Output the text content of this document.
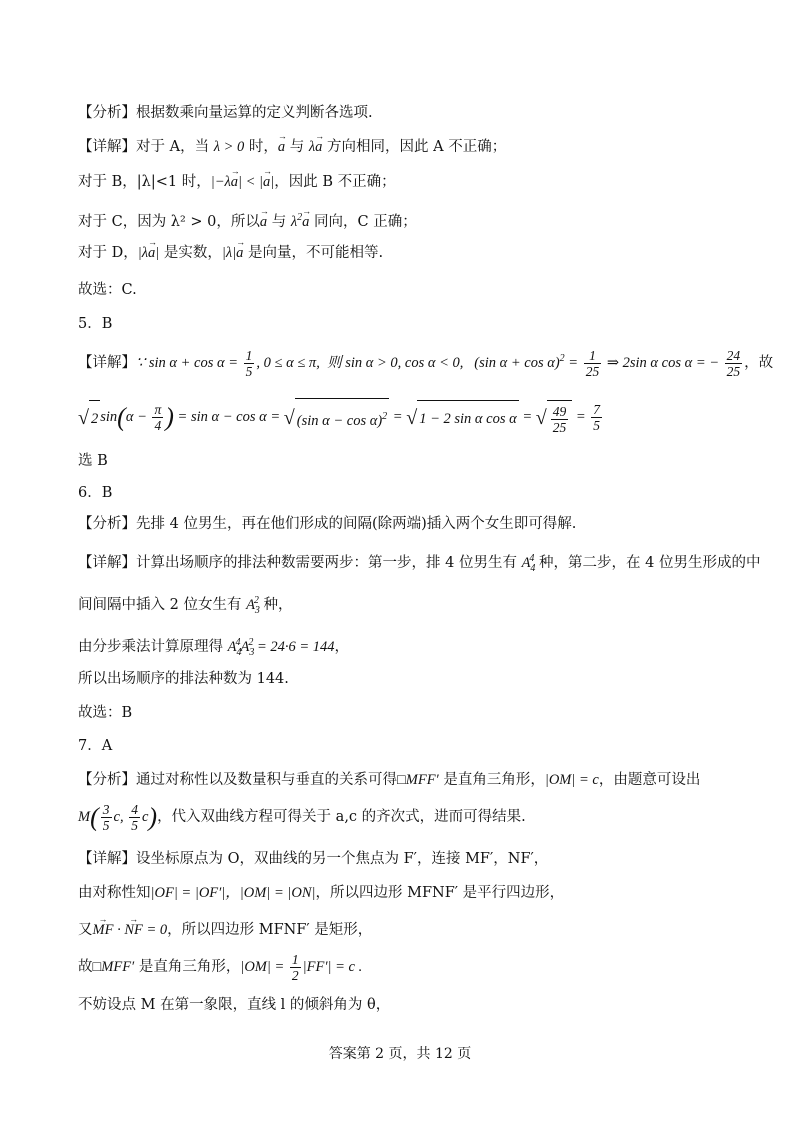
【分析】根据数乘向量运算的定义判断各选项.
【详解】对于 A，当 λ > 0 时，→ a 与 λ→ a 方向相同，因此 A 不正确；
对于 B，|λ|<1 时，|−λ→ a| < |→ a|，因此 B 不正确；
对于 C，因为 λ² > 0，所以→ a 与 $\lambda^2\to a$ 同向，C 正确；
对于 D，|λ→ a| 是实数，|λ|→ a 是向量，不可能相等.
故选：C.
5．B
【详解】∵ $\sin \alpha + \cos \alpha = \frac{1}{5}$ , 0 ≤ α ≤ π,  则 sin α > 0, cos α < 0,   (sin $\alpha + \cos \alpha)^2 = \frac{1}{25}$ ⇒ 2sin α cos α = − $\frac{24}{25}$ ，故
√ 2 $\sin(\alpha - \frac{\pi}{4}$ ) = sin α − cos α = √ (sin α − cos α)$^2$ = √ 1 − 2 sin α cos α = √ $\frac{49}{25} = \frac{7}{5}$
选 B
6．B
【分析】先排 4 位男生，再在他们形成的间隔(除两端)插入两个女生即可得解.
【详解】计算出场顺序的排法种数需要两步：第一步，排 4 位男生有 $A_4^4$ 种，第二步，在 4 位男生形成的中
间间隔中插入 2 位女生有 $A_3^2$ 种，
由分步乘法计算原理得 $A_4^4A_3^2 = 24\cdot 6 = 144$，
所以出场顺序的排法种数为 144.
故选：B
7．A
【分析】通过对称性以及数量积与垂直的关系可得□MFF′ 是直角三角形，|OM| = c，由题意可设出
$M( \frac{3}{5} c$, $\frac{4}{5} c$)，代入双曲线方程可得关于 a,c 的齐次式，进而可得结果.
【详解】设坐标原点为 O，双曲线的另一个焦点为 F′，连接 MF′，NF′，
由对称性知|OF| = |OF′|，|OM| = |ON|，所以四边形 MFNF′ 是平行四边形，
又→ MF · → NF = 0，所以四边形 MFNF′ 是矩形，
故□MFF′ 是直角三角形，$|OM| = \frac{1}{2} |FF'| = c$ .
不妨设点 M 在第一象限，直线 l 的倾斜角为 θ，
答案第 2 页，共 12 页
